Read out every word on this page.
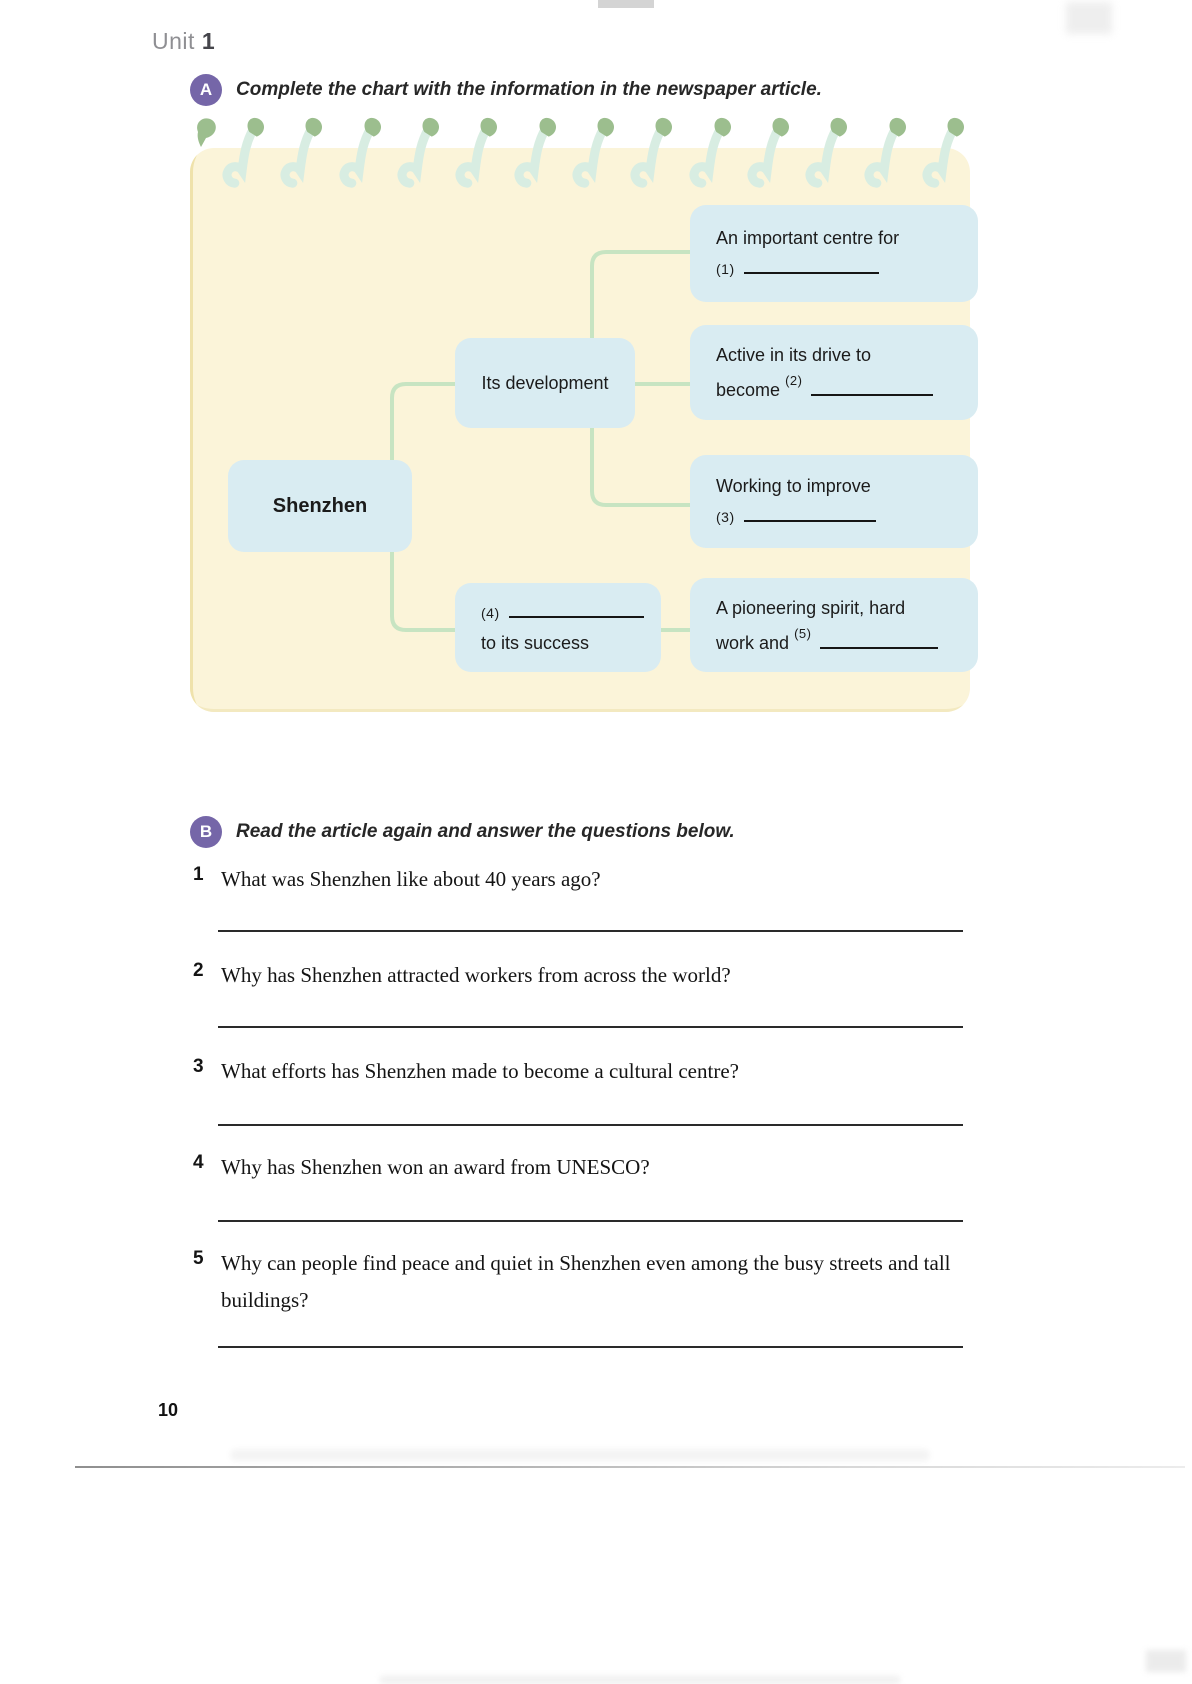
Unit 1
A Complete the chart with the information in the newspaper article.
Shenzhen
Its development
An important centre for
(1)
Active in its drive to
become $^{(2)}$
Working to improve
(3)
(4)
to its success
A pioneering spirit, hard
work and $^{(5)}$
B Read the article again and answer the questions below.
1 What was Shenzhen like about 40 years ago?
2 Why has Shenzhen attracted workers from across the world?
3 What efforts has Shenzhen made to become a cultural centre?
4 Why has Shenzhen won an award from UNESCO?
5 Why can people find peace and quiet in Shenzhen even among the busy streets and tall buildings?
10
